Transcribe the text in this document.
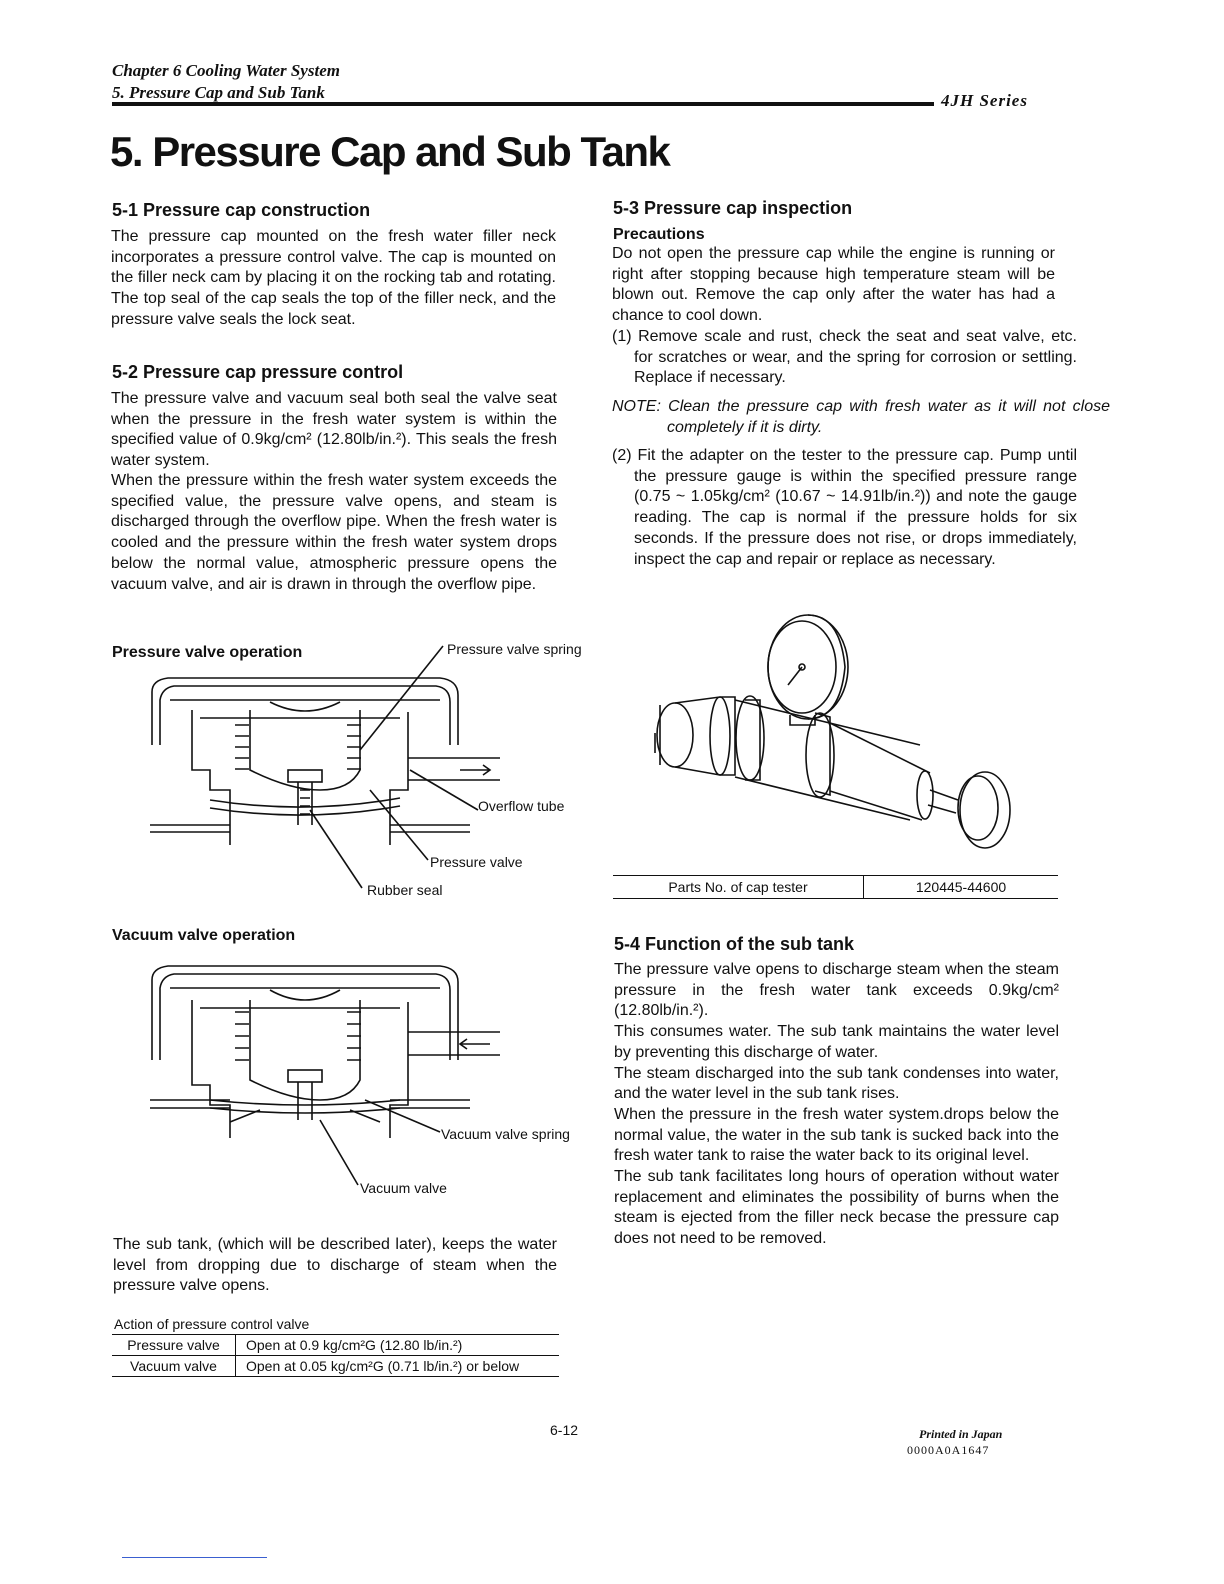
Chapter 6 Cooling Water System
5. Pressure Cap and Sub Tank	4JH Series
5. Pressure Cap and Sub Tank
5-1 Pressure cap construction
The pressure cap mounted on the fresh water filler neck incorporates a pressure control valve. The cap is mounted on the filler neck cam by placing it on the rocking tab and rotating. The top seal of the cap seals the top of the filler neck, and the pressure valve seals the lock seat.
5-2 Pressure cap pressure control
The pressure valve and vacuum seal both seal the valve seat when the pressure in the fresh water system is within the specified value of 0.9kg/cm² (12.80lb/in.²). This seals the fresh water system.
When the pressure within the fresh water system exceeds the specified value, the pressure valve opens, and steam is discharged through the overflow pipe. When the fresh water is cooled and the pressure within the fresh water system drops below the normal value, atmospheric pressure opens the vacuum valve, and air is drawn in through the overflow pipe.
Pressure valve operation	Pressure valve spring
Overflow tube
Pressure valve
Rubber seal
Vacuum valve operation
Vacuum valve spring
Vacuum valve
The sub tank, (which will be described later), keeps the water level from dropping due to discharge of steam when the pressure valve opens.
Action of pressure control valve
Pressure valve	Open at 0.9 kg/cm²G (12.80 lb/in.²)
Vacuum valve	Open at 0.05 kg/cm²G (0.71 lb/in.²) or below
5-3 Pressure cap inspection
Precautions
Do not open the pressure cap while the engine is running or right after stopping because high temperature steam will be blown out. Remove the cap only after the water has had a chance to cool down.
(1) Remove scale and rust, check the seat and seat valve, etc. for scratches or wear, and the spring for corrosion or settling. Replace if necessary.
NOTE: Clean the pressure cap with fresh water as it will not close completely if it is dirty.
(2) Fit the adapter on the tester to the pressure cap. Pump until the pressure gauge is within the specified pressure range (0.75 ~ 1.05kg/cm² (10.67 ~ 14.91lb/in.²)) and note the gauge reading. The cap is normal if the pressure holds for six seconds. If the pressure does not rise, or drops immediately, inspect the cap and repair or replace as necessary.
Parts No. of cap tester	120445-44600
5-4 Function of the sub tank
The pressure valve opens to discharge steam when the steam pressure in the fresh water tank exceeds 0.9kg/cm² (12.80lb/in.²).
This consumes water. The sub tank maintains the water level by preventing this discharge of water.
The steam discharged into the sub tank condenses into water, and the water level in the sub tank rises.
When the pressure in the fresh water system.drops below the normal value, the water in the sub tank is sucked back into the fresh water tank to raise the water back to its original level.
The sub tank facilitates long hours of operation without water replacement and eliminates the possibility of burns when the steam is ejected from the filler neck becase the pressure cap does not need to be removed.
6-12	Printed in Japan
0000A0A1647
